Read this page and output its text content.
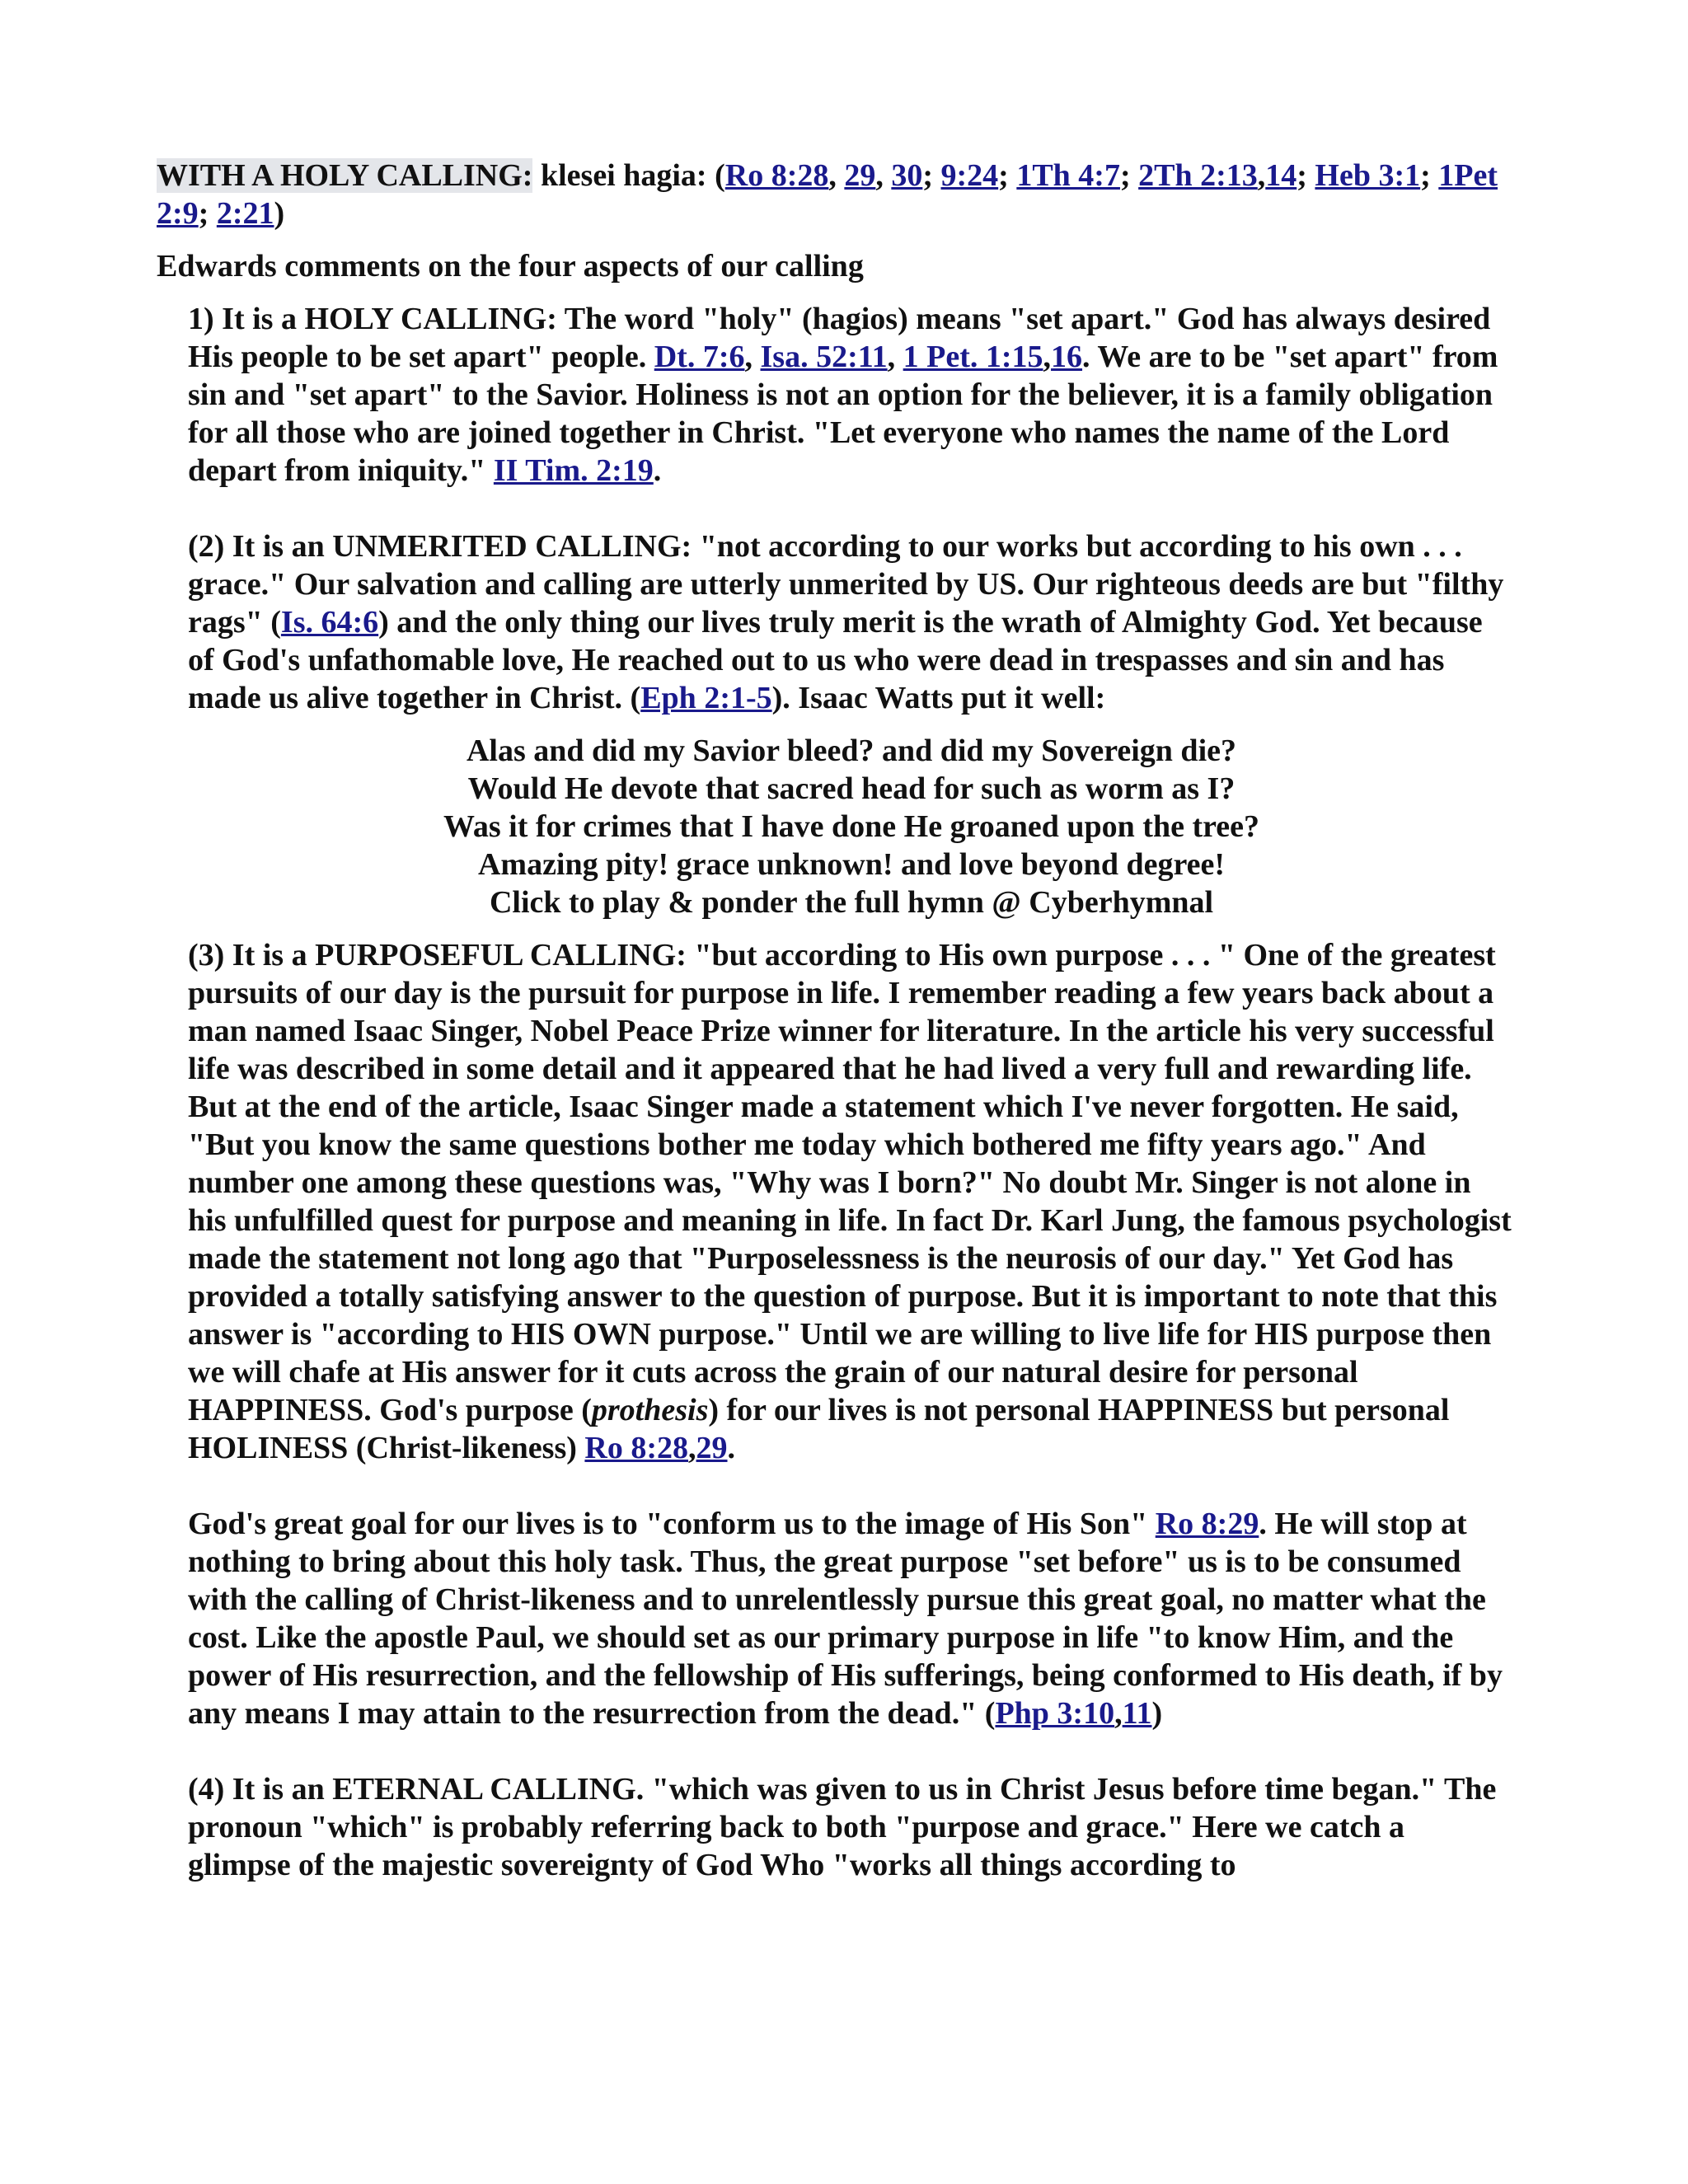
WITH A HOLY CALLING: klesei hagia: (Ro 8:28, 29, 30; 9:24; 1Th 4:7; 2Th 2:13,14; Heb 3:1; 1Pet 2:9; 2:21)

Edwards comments on the four aspects of our calling

1) It is a HOLY CALLING: The word "holy" (hagios) means "set apart." God has always desired His people to be set apart" people. Dt. 7:6, Isa. 52:11, 1 Pet. 1:15,16. We are to be "set apart" from sin and "set apart" to the Savior. Holiness is not an option for the believer, it is a family obligation for all those who are joined together in Christ. "Let everyone who names the name of the Lord depart from iniquity." II Tim. 2:19.

(2) It is an UNMERITED CALLING: "not according to our works but according to his own . . . grace." Our salvation and calling are utterly unmerited by US. Our righteous deeds are but "filthy rags" (Is. 64:6) and the only thing our lives truly merit is the wrath of Almighty God. Yet because of God's unfathomable love, He reached out to us who were dead in trespasses and sin and has made us alive together in Christ. (Eph 2:1-5). Isaac Watts put it well:

Alas and did my Savior bleed? and did my Sovereign die?
Would He devote that sacred head for such as worm as I?
Was it for crimes that I have done He groaned upon the tree?
Amazing pity! grace unknown! and love beyond degree!
Click to play & ponder the full hymn @ Cyberhymnal

(3) It is a PURPOSEFUL CALLING: "but according to His own purpose . . . " One of the greatest pursuits of our day is the pursuit for purpose in life. I remember reading a few years back about a man named Isaac Singer, Nobel Peace Prize winner for literature. In the article his very successful life was described in some detail and it appeared that he had lived a very full and rewarding life. But at the end of the article, Isaac Singer made a statement which I've never forgotten. He said, "But you know the same questions bother me today which bothered me fifty years ago." And number one among these questions was, "Why was I born?" No doubt Mr. Singer is not alone in his unfulfilled quest for purpose and meaning in life. In fact Dr. Karl Jung, the famous psychologist made the statement not long ago that "Purposelessness is the neurosis of our day." Yet God has provided a totally satisfying answer to the question of purpose. But it is important to note that this answer is "according to HIS OWN purpose." Until we are willing to live life for HIS purpose then we will chafe at His answer for it cuts across the grain of our natural desire for personal HAPPINESS. God's purpose (prothesis) for our lives is not personal HAPPINESS but personal HOLINESS (Christ-likeness) Ro 8:28,29.

God's great goal for our lives is to "conform us to the image of His Son" Ro 8:29. He will stop at nothing to bring about this holy task. Thus, the great purpose "set before" us is to be consumed with the calling of Christ-likeness and to unrelentlessly pursue this great goal, no matter what the cost. Like the apostle Paul, we should set as our primary purpose in life "to know Him, and the power of His resurrection, and the fellowship of His sufferings, being conformed to His death, if by any means I may attain to the resurrection from the dead." (Php 3:10,11)

(4) It is an ETERNAL CALLING. "which was given to us in Christ Jesus before time began." The pronoun "which" is probably referring back to both "purpose and grace." Here we catch a glimpse of the majestic sovereignty of God Who "works all things according to
